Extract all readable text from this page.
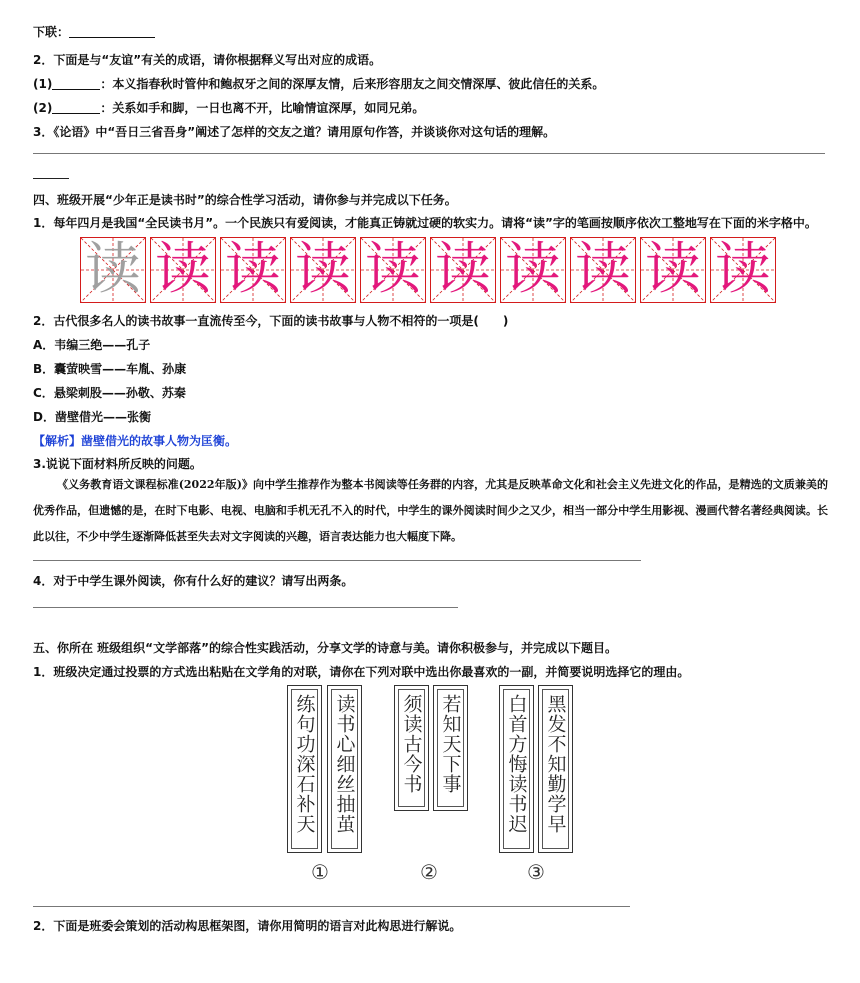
下联：
2．下面是与“友谊”有关的成语，请你根据释义写出对应的成语。
(1)	：本义指春秋时管仲和鲍叔牙之间的深厚友情，后来形容朋友之间交情深厚、彼此信任的关系。
(2)	：关系如手和脚，一日也离不开，比喻情谊深厚，如同兄弟。
3．《论语》中“吾日三省吾身”阐述了怎样的交友之道？请用原句作答，并谈谈你对这句话的理解。
四、班级开展“少年正是读书时”的综合性学习活动，请你参与并完成以下任务。
1．每年四月是我国“全民读书月”。一个民族只有爱阅读，才能真正铸就过硬的软实力。请将“读”字的笔画按顺序依次工整地写在下面的米字格中。
读 读 读 读 读 读 读 读 读 读
2．古代很多名人的读书故事一直流传至今，下面的读书故事与人物不相符的一项是(　　)
A．韦编三绝——孔子
B．囊萤映雪——车胤、孙康
C．悬梁刺股——孙敬、苏秦
D．凿壁借光——张衡
【解析】凿壁借光的故事人物为匡衡。
3.说说下面材料所反映的问题。
《义务教育语文课程标准(2022年版)》向中学生推荐作为整本书阅读等任务群的内容，尤其是反映革命文化和社会主义先进文化的作品，是精选的文质兼美的优秀作品，但遗憾的是，在时下电影、电视、电脑和手机无孔不入的时代，中学生的课外阅读时间少之又少，相当一部分中学生用影视、漫画代替名著经典阅读。长此以往，不少中学生逐渐降低甚至失去对文字阅读的兴趣，语言表达能力也大幅度下降。
4．对于中学生课外阅读，你有什么好的建议？请写出两条。
五、你所在 班级组织“文学部落”的综合性实践活动，分享文学的诗意与美。请你积极参与，并完成以下题目。
1．班级决定通过投票的方式选出粘贴在文学角的对联，请你在下列对联中选出你最喜欢的一副，并简要说明选择它的理由。
练句功深石补天 读书心细丝抽茧
①
须读古今书 若知天下事
②
白首方悔读书迟 黑发不知勤学早
③
2．下面是班委会策划的活动构思框架图，请你用简明的语言对此构思进行解说。
